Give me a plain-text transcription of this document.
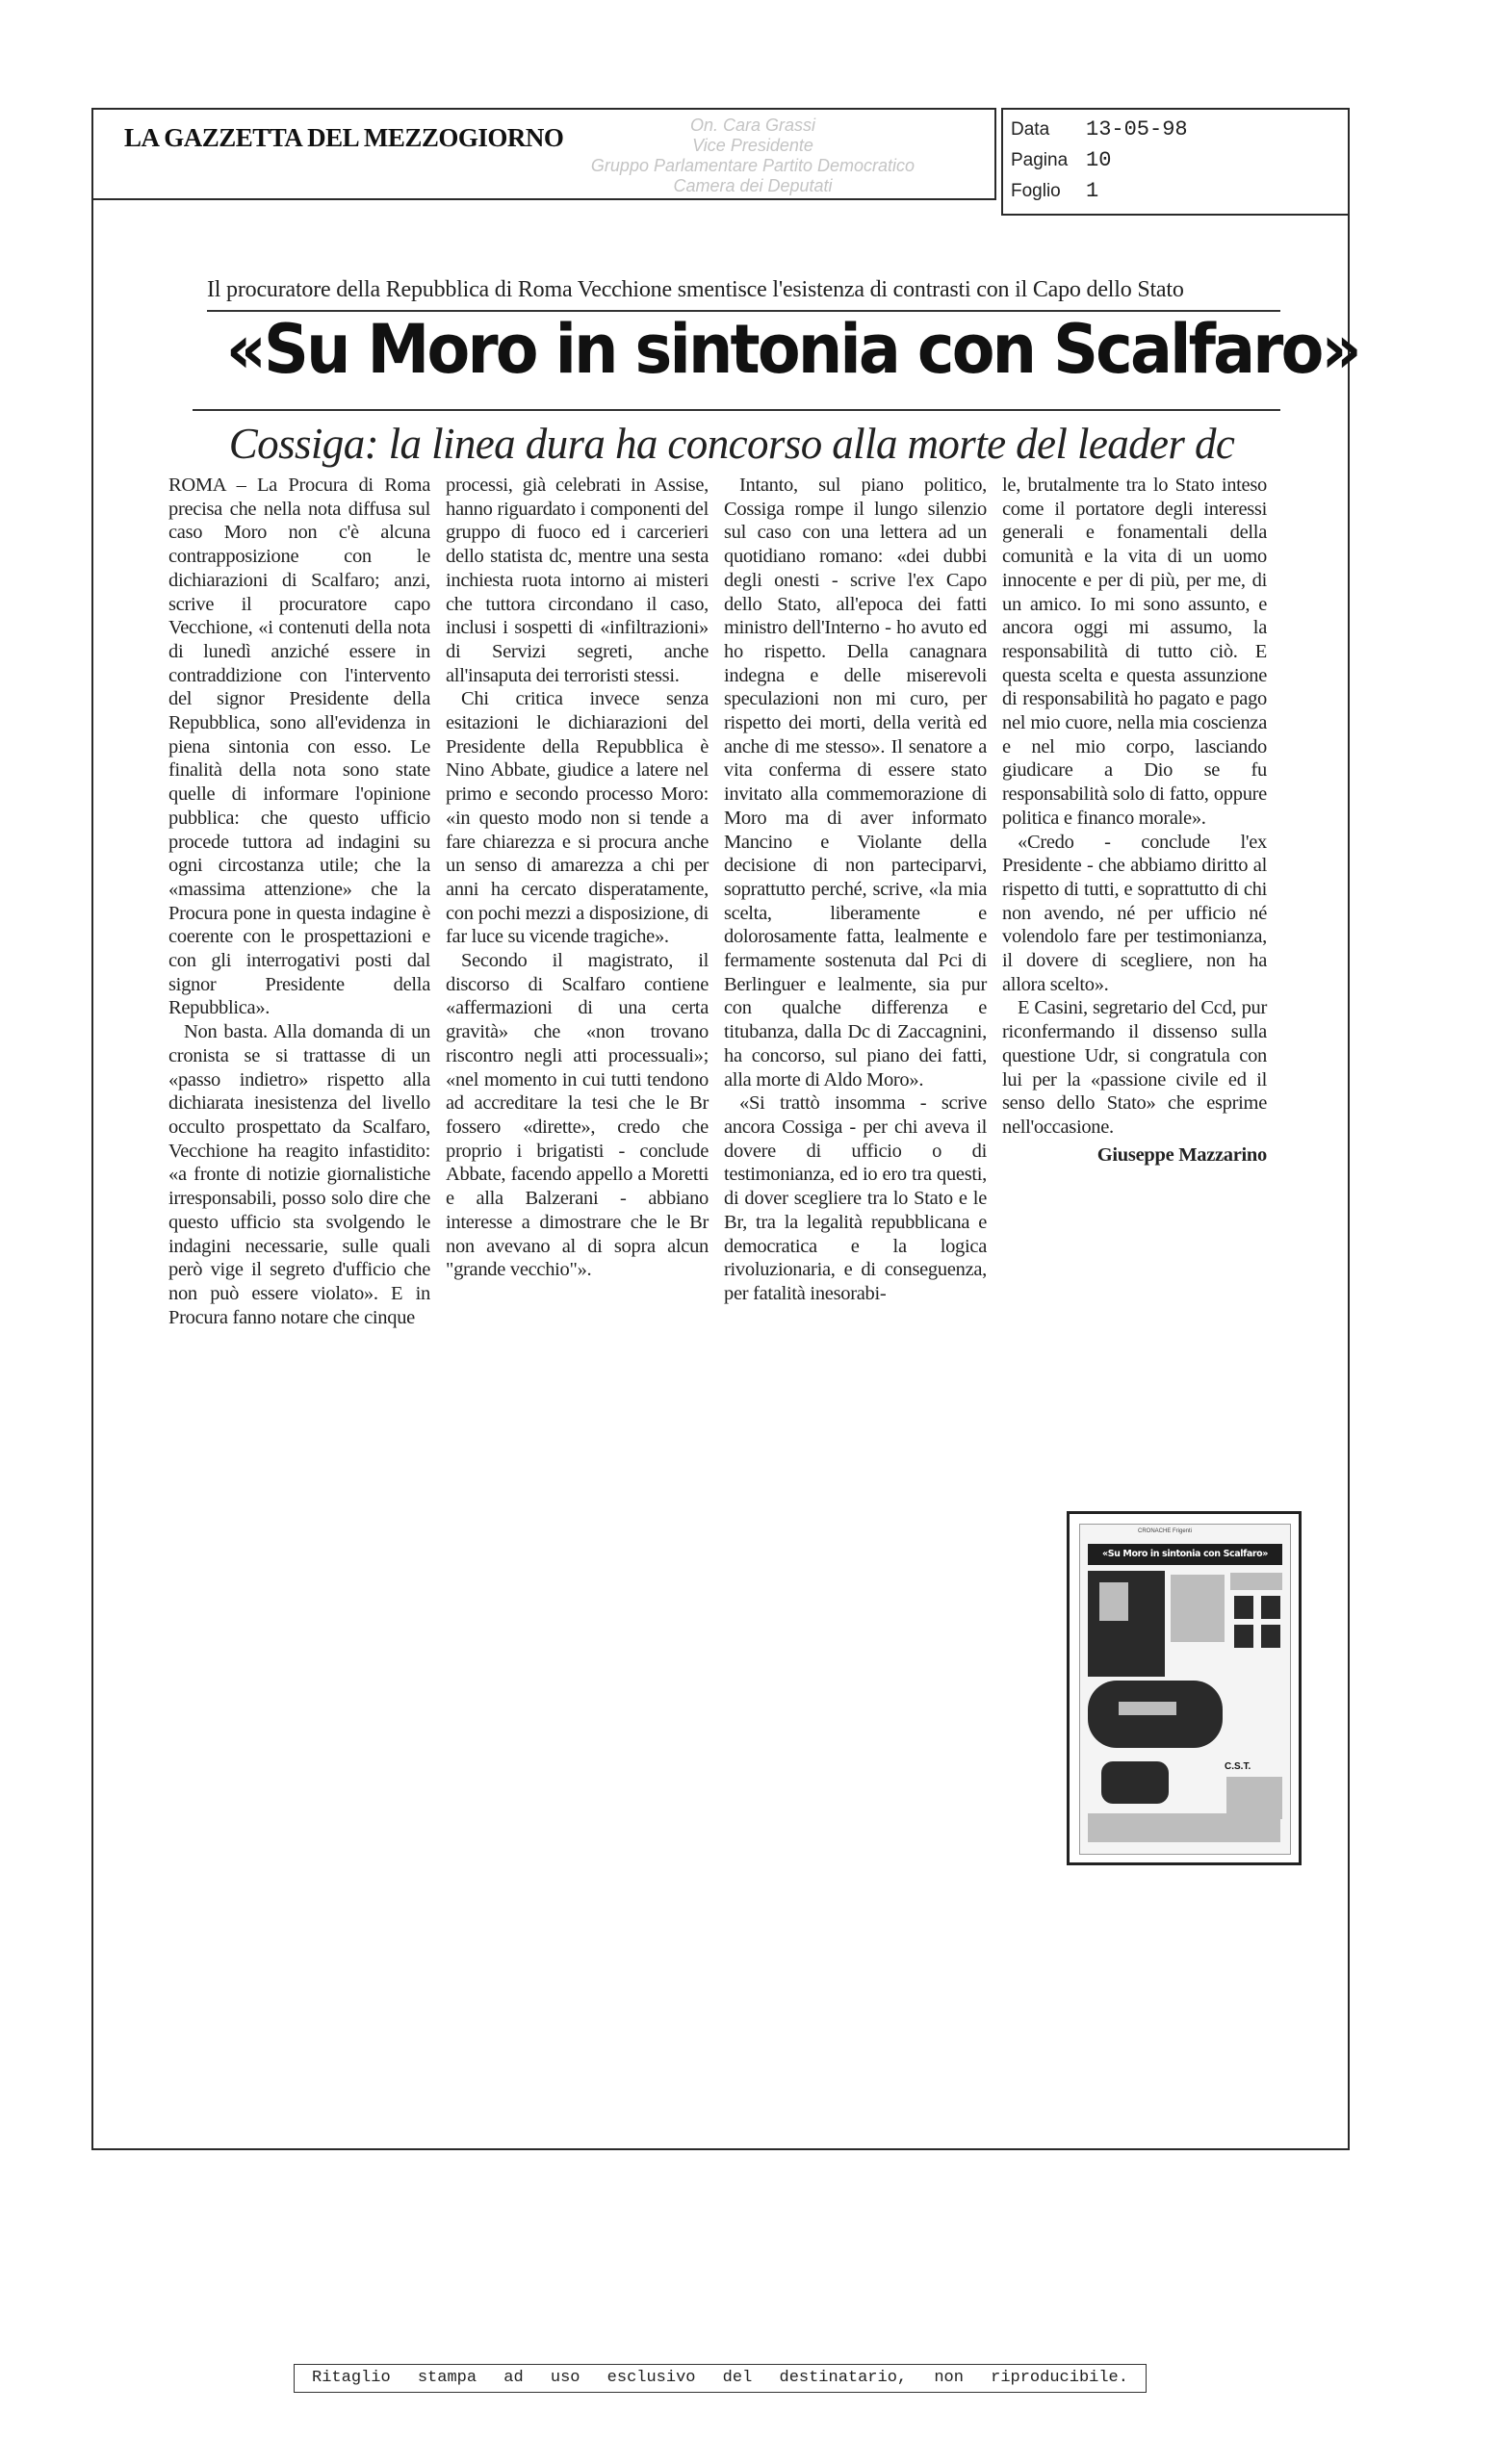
LA GAZZETTA DEL MEZZOGIORNO	On. Cara Grassi
Vice Presidente
Gruppo Parlamentare Partito Democratico
Camera dei Deputati
Data	13-05-98
Pagina 10
Foglio	1
Il procuratore della Repubblica di Roma Vecchione smentisce l'esistenza di contrasti con il Capo dello Stato
«Su Moro in sintonia con Scalfaro»
Cossiga: la linea dura ha concorso alla morte del leader dc

ROMA – La Procura di Roma precisa che nella nota diffusa sul caso Moro non c'è alcuna contrapposizione con le dichiarazioni di Scalfaro; anzi, scrive il procuratore capo Vecchione, «i contenuti della nota di lunedì anziché essere in contraddizione con l'intervento del signor Presidente della Repubblica, sono all'evidenza in piena sintonia con esso. Le finalità della nota sono state quelle di informare l'opinione pubblica: che questo ufficio procede tuttora ad indagini su ogni circostanza utile; che la «massima attenzione» che la Procura pone in questa indagine è coerente con le prospettazioni e con gli interrogativi posti dal signor Presidente della Repubblica».

Non basta. Alla domanda di un cronista se si trattasse di un «passo indietro» rispetto alla dichiarata inesistenza del livello occulto prospettato da Scalfaro, Vecchione ha reagito infastidito: «a fronte di notizie giornalistiche irresponsabili, posso solo dire che questo ufficio sta svolgendo le indagini necessarie, sulle quali però vige il segreto d'ufficio che non può essere violato». E in Procura fanno notare che cinque

processi, già celebrati in Assise, hanno riguardato i componenti del gruppo di fuoco ed i carcerieri dello statista dc, mentre una sesta inchiesta ruota intorno ai misteri che tuttora circondano il caso, inclusi i sospetti di «infiltrazioni» di Servizi segreti, anche all'insaputa dei terroristi stessi.

Chi critica invece senza esitazioni le dichiarazioni del Presidente della Repubblica è Nino Abbate, giudice a latere nel primo e secondo processo Moro: «in questo modo non si tende a fare chiarezza e si procura anche un senso di amarezza a chi per anni ha cercato disperatamente, con pochi mezzi a disposizione, di far luce su vicende tragiche».

Secondo il magistrato, il discorso di Scalfaro contiene «affermazioni di una certa gravità» che «non trovano riscontro negli atti processuali»; «nel momento in cui tutti tendono ad accreditare la tesi che le Br fossero «dirette», credo che proprio i brigatisti - conclude Abbate, facendo appello a Moretti e alla Balzerani - abbiano interesse a dimostrare che le Br non avevano al di sopra alcun "grande vecchio"».

Intanto, sul piano politico, Cossiga rompe il lungo silenzio sul caso con una lettera ad un quotidiano romano: «dei dubbi degli onesti - scrive l'ex Capo dello Stato, all'epoca dei fatti ministro dell'Interno - ho avuto ed ho rispetto. Della canagnara indegna e delle miserevoli speculazioni non mi curo, per rispetto dei morti, della verità ed anche di me stesso». Il senatore a vita conferma di essere stato invitato alla commemorazione di Moro ma di aver informato Mancino e Violante della decisione di non parteciparvi, soprattutto perché, scrive, «la mia scelta, liberamente e dolorosamente fatta, lealmente e fermamente sostenuta dal Pci di Berlinguer e lealmente, sia pur con qualche differenza e titubanza, dalla Dc di Zaccagnini, ha concorso, sul piano dei fatti, alla morte di Aldo Moro».

«Si trattò insomma - scrive ancora Cossiga - per chi aveva il dovere di ufficio o di testimonianza, ed io ero tra questi, di dover scegliere tra lo Stato e le Br, tra la legalità repubblicana e democratica e la logica rivoluzionaria, e di conseguenza, per fatalità inesorabi-

le, brutalmente tra lo Stato inteso come il portatore degli interessi generali e fonamentali della comunità e la vita di un uomo innocente e per di più, per me, di un amico. Io mi sono assunto, e ancora oggi mi assumo, la responsabilità di tutto ciò. E questa scelta e questa assunzione di responsabilità ho pagato e pago nel mio cuore, nella mia coscienza e nel mio corpo, lasciando giudicare a Dio se fu responsabilità solo di fatto, oppure politica e financo morale».

«Credo - conclude l'ex Presidente - che abbiamo diritto al rispetto di tutti, e soprattutto di chi non avendo, né per ufficio né volendolo fare per testimonianza, il dovere di scegliere, non ha allora scelto».

E Casini, segretario del Ccd, pur riconfermando il dissenso sulla questione Udr, si congratula con lui per la «passione civile ed il senso dello Stato» che esprime nell'occasione.

Giuseppe Mazzarino
CRONACHE Frigenti
«Su Moro in sintonia con Scalfaro»
C.S.T.
Ritaglio stampa ad uso esclusivo del destinatario, non riproducibile.
